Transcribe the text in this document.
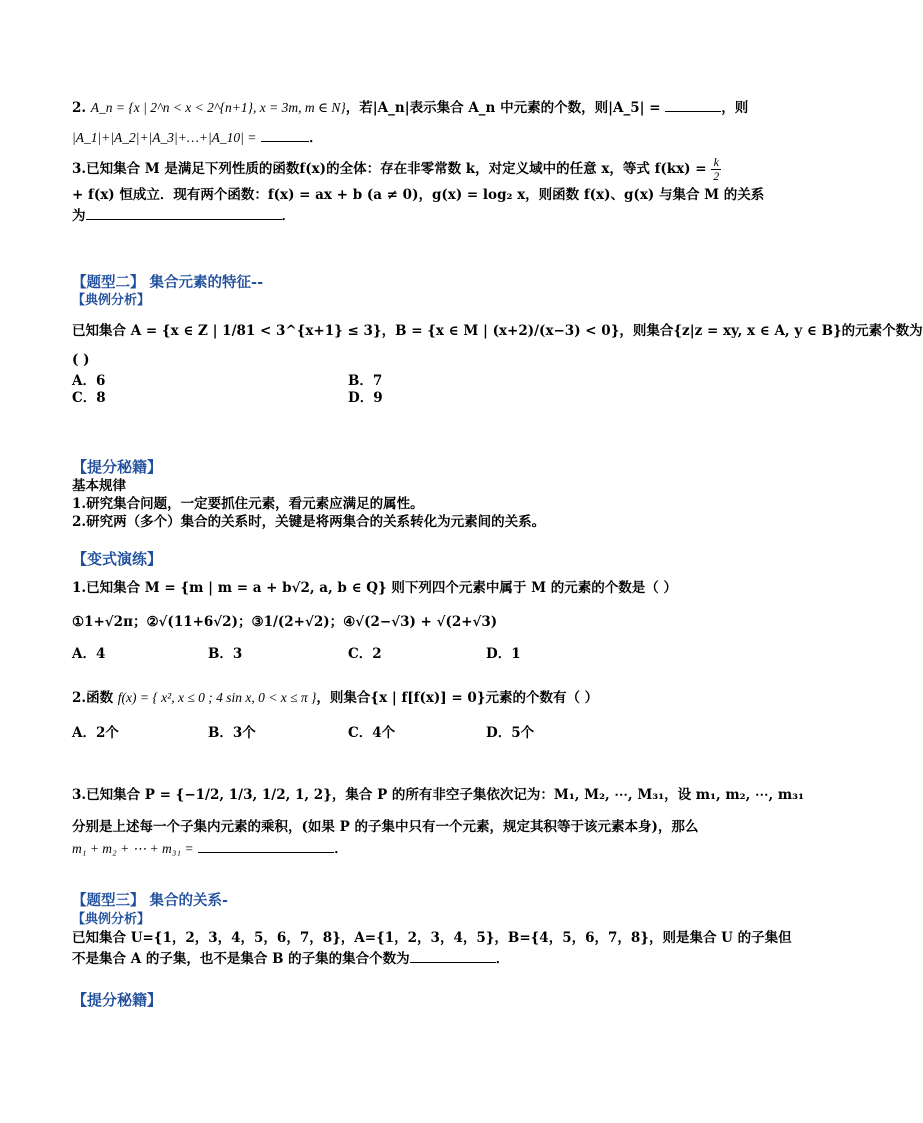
2. A_n = {x | 2^n < x < 2^{n+1}, x = 3m, m ∈ N}，若|A_n|表示集合 A_n 中元素的个数，则|A_5| =	，则
|A_1|+|A_2|+|A_3|+…+|A_10| =	．
3.已知集合 M 是满足下列性质的函数f(x)的全体：存在非零常数 k，对定义域中的任意 x，等式 $f(kx) = \frac{k}{2}$
+ f(x) 恒成立．现有两个函数：f(x) = ax + b (a ≠ 0)，g(x) = log₂ x，则函数 f(x)、g(x) 与集合 M 的关系
为	．
【题型二】 集合元素的特征--
【典例分析】
已知集合 A = {x ∈ Z | 1/81 < 3^{x+1} ≤ 3}，B = {x ∈ M | (x+2)/(x−3) < 0}，则集合{z|z = xy, x ∈ A, y ∈ B}的元素个数为
( )
A．6	B．7
C．8	D．9
【提分秘籍】
基本规律
1.研究集合问题，一定要抓住元素，看元素应满足的属性。
2.研究两（多个）集合的关系时，关键是将两集合的关系转化为元素间的关系。
【变式演练】
1.已知集合 M = {m | m = a + b√2, a, b ∈ Q} 则下列四个元素中属于 M 的元素的个数是（ ）
①1+√2π；②√(11+6√2)；③1/(2+√2)；④√(2−√3) + √(2+√3)
A．4	B．3	C．2	D．1
2.函数 f(x) = { x², x ≤ 0 ; 4 sin x, 0 < x ≤ π }，则集合{x | f[f(x)] = 0}元素的个数有（ ）
A．2个	B．3个	C．4个	D．5个
3.已知集合 P = {−1/2, 1/3, 1/2, 1, 2}，集合 P 的所有非空子集依次记为：M₁, M₂, ⋯, M₃₁，设 m₁, m₂, ⋯, m₃₁
分别是上述每一个子集内元素的乘积，(如果 P 的子集中只有一个元素，规定其积等于该元素本身)，那么
m₁ + m₂ + ⋯ + m₃₁ =	．
【题型三】 集合的关系-
【典例分析】
已知集合 U={1，2，3，4，5，6，7，8}，A={1，2，3，4，5}，B={4，5，6，7，8}，则是集合 U 的子集但
不是集合 A 的子集，也不是集合 B 的子集的集合个数为	．
【提分秘籍】
